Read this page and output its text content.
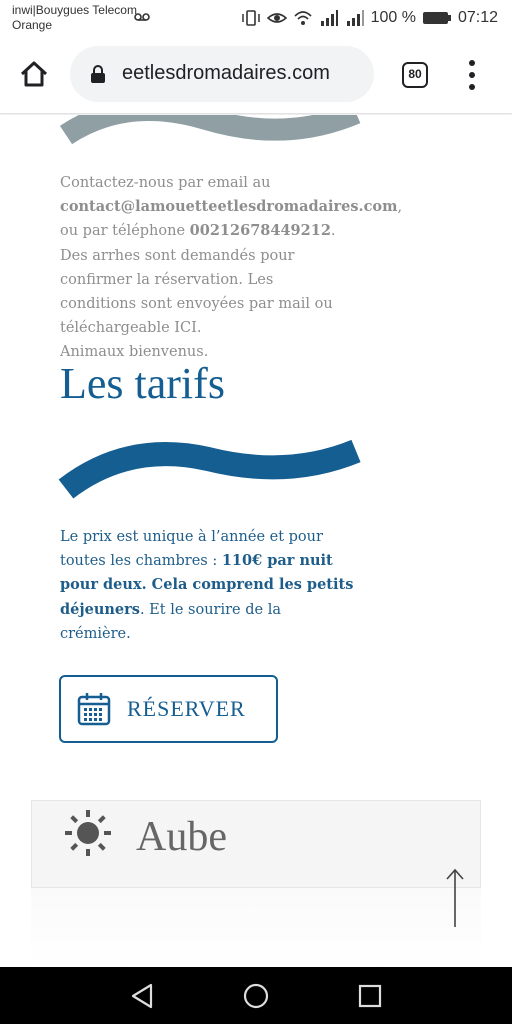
inwi|Bouygues Telecom
Orange	100 %	07:12
eetlesdromadaires.com	80
Contactez-nous par email au
contact@lamouetteetlesdromadaires.com,
ou par téléphone 00212678449212.
Des arrhes sont demandés pour
confirmer la réservation. Les
conditions sont envoyées par mail ou
téléchargeable ICI.
Animaux bienvenus.
Les tarifs
Le prix est unique à l’année et pour
toutes les chambres : 110€ par nuit
pour deux. Cela comprend les petits
déjeuners. Et le sourire de la
crémière.
RÉSERVER
Aube
